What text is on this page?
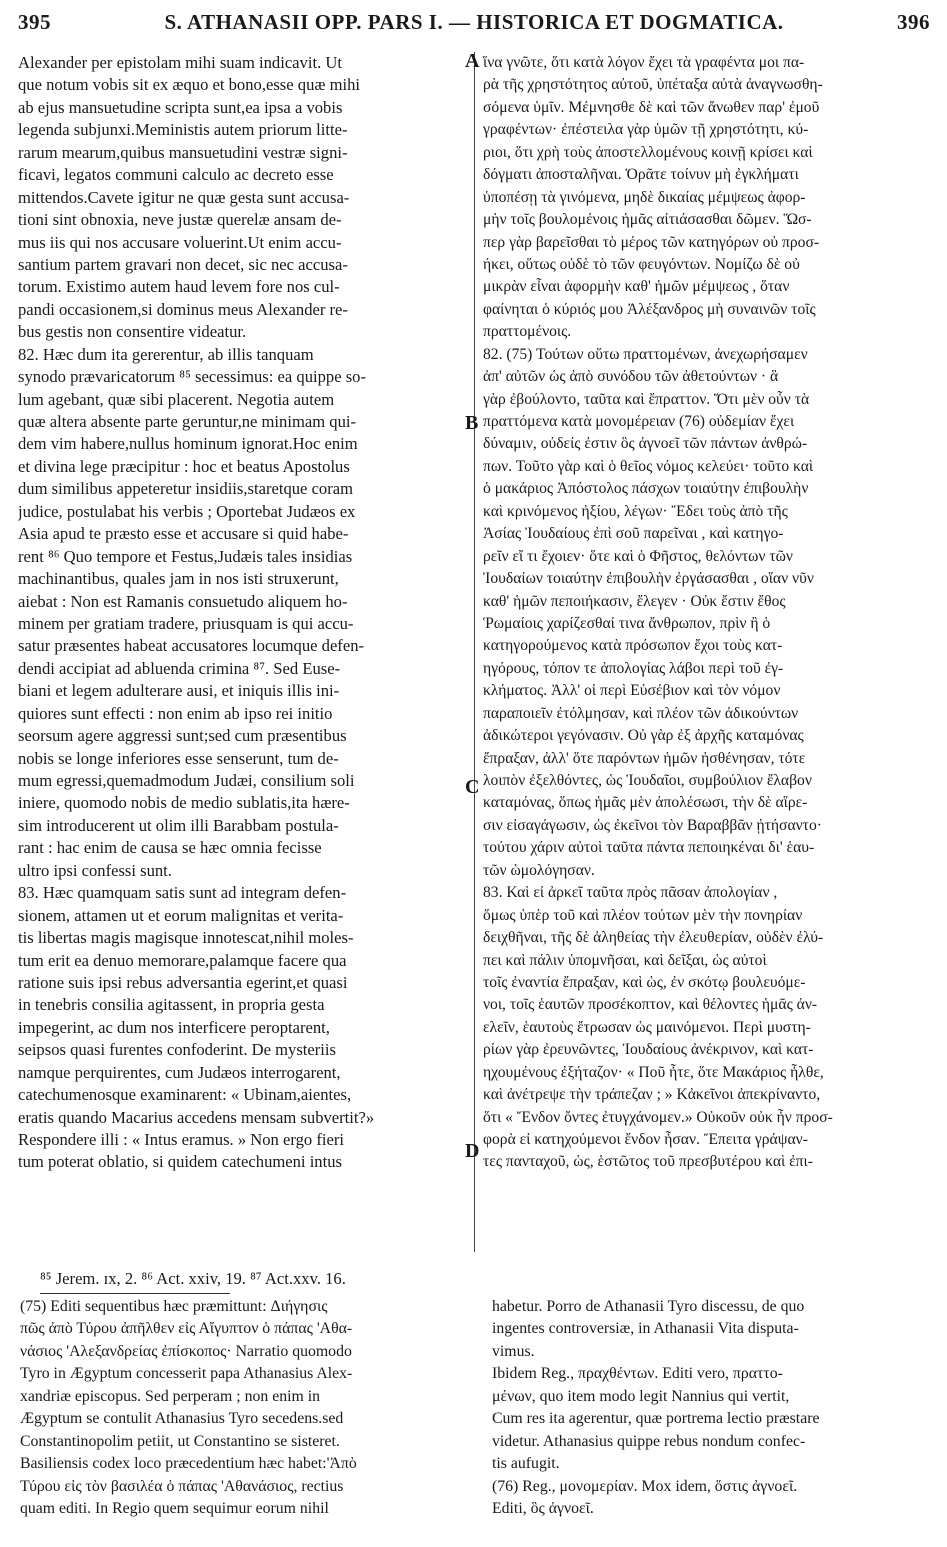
395	S. ATHANASII OPP. PARS I. — HISTORICA ET DOGMATICA.	396
Alexander per epistolam mihi suam indicavit. Ut
que notum vobis sit ex æquo et bono,esse quæ mihi
ab ejus mansuetudine scripta sunt,ea ipsa a vobis
legenda subjunxi.Meministis autem priorum litte-
rarum mearum,quibus mansuetudini vestræ signi-
ficavi, legatos communi calculo ac decreto esse
mittendos.Cavete igitur ne quæ gesta sunt accusa-
tioni sint obnoxia, neve justæ querelæ ansam de-
mus iis qui nos accusare voluerint.Ut enim accu-
santium partem gravari non decet, sic nec accusa-
torum. Existimo autem haud levem fore nos cul-
pandi occasionem,si dominus meus Alexander re-
bus gestis non consentire videatur.
82. Hæc dum ita gererentur, ab illis tanquam
synodo prævaricatorum ⁸⁵ secessimus: ea quippe so-
lum agebant, quæ sibi placerent. Negotia autem
quæ altera absente parte geruntur,ne minimam qui-
dem vim habere,nullus hominum ignorat.Hoc enim
et divina lege præcipitur : hoc et beatus Apostolus
dum similibus appeteretur insidiis,staretque coram
judice, postulabat his verbis ; Oportebat Judæos ex
Asia apud te præsto esse et accusare si quid habe-
rent ⁸⁶ Quo tempore et Festus,Judæis tales insidias
machinantibus, quales jam in nos isti struxerunt,
aiebat : Non est Ramanis consuetudo aliquem ho-
minem per gratiam tradere, priusquam is qui accu-
satur præsentes habeat accusatores locumque defen-
dendi accipiat ad abluenda crimina ⁸⁷. Sed Euse-
biani et legem adulterare ausi, et iniquis illis ini-
quiores sunt effecti : non enim ab ipso rei initio
seorsum agere aggressi sunt;sed cum præsentibus
nobis se longe inferiores esse senserunt, tum de-
mum egressi,quemadmodum Judæi, consilium soli
iniere, quomodo nobis de medio sublatis,ita hære-
sim introducerent ut olim illi Barabbam postula-
rant : hac enim de causa se hæc omnia fecisse
ultro ipsi confessi sunt.
83. Hæc quamquam satis sunt ad integram defen-
sionem, attamen ut et eorum malignitas et verita-
tis libertas magis magisque innotescat,nihil moles-
tum erit ea denuo memorare,palamque facere qua
ratione suis ipsi rebus adversantia egerint,et quasi
in tenebris consilia agitassent, in propria gesta
impegerint, ac dum nos interficere peroptarent,
seipsos quasi furentes confoderint. De mysteriis
namque perquirentes, cum Judæos interrogarent,
catechumenosque examinarent: « Ubinam,aientes,
eratis quando Macarius accedens mensam subvertit?»
Respondere illi : « Intus eramus. » Non ergo fieri
tum poterat oblatio, si quidem catechumeni intus
ἵνα γνῶτε, ὅτι κατὰ λόγον ἔχει τὰ γραφέντα μοι πα-
ρὰ τῆς χρηστότητος αὐτοῦ, ὑπέταξα αὐτὰ ἀναγνωσθη-
σόμενα ὑμῖν. Μέμνησθε δὲ καὶ τῶν ἄνωθεν παρ' ἐμοῦ
γραφέντων· ἐπέστειλα γὰρ ὑμῶν τῇ χρηστότητι, κύ-
ριοι, ὅτι χρὴ τοὺς ἀποστελλομένους κοινῇ κρίσει καὶ
δόγματι ἀποσταλῆναι. Ὁρᾶτε τοίνυν μὴ ἐγκλήματι
ὑποπέσῃ τὰ γινόμενα, μηδὲ δικαίας μέμψεως ἀφορ-
μὴν τοῖς βουλομένοις ἡμᾶς αἰτιάσασθαι δῶμεν. Ὥσ-
περ γὰρ βαρεῖσθαι τὸ μέρος τῶν κατηγόρων οὐ προσ-
ήκει, οὕτως οὐδὲ τὸ τῶν φευγόντων. Νομίζω δὲ οὐ
μικρὰν εἶναι ἀφορμὴν καθ' ἡμῶν μέμψεως , ὅταν
φαίνηται ὁ κύριός μου Ἀλέξανδρος μὴ συναινῶν τοῖς
πραττομένοις.
82. (75) Τούτων οὕτω πραττομένων, ἀνεχωρήσαμεν
ἀπ' αὐτῶν ὡς ἀπὸ συνόδου τῶν ἀθετούντων · ἃ
γὰρ ἐβούλοντο, ταῦτα καὶ ἔπραττον. Ὅτι μὲν οὖν τὰ
πραττόμενα κατὰ μονομέρειαν (76) οὐδεμίαν ἔχει
δύναμιν, οὐδείς ἐστιν ὃς ἀγνοεῖ τῶν πάντων ἀνθρώ-
πων. Τοῦτο γὰρ καὶ ὁ θεῖος νόμος κελεύει· τοῦτο καὶ
ὁ μακάριος Ἀπόστολος πάσχων τοιαύτην ἐπιβουλὴν
καὶ κρινόμενος ἠξίου, λέγων· Ἔδει τοὺς ἀπὸ τῆς
Ἀσίας Ἰουδαίους ἐπὶ σοῦ παρεῖναι , καὶ κατηγο-
ρεῖν εἴ τι ἔχοιεν· ὅτε καὶ ὁ Φῆστος, θελόντων τῶν
Ἰουδαίων τοιαύτην ἐπιβουλὴν ἐργάσασθαι , οἵαν νῦν
καθ' ἡμῶν πεποιήκασιν, ἔλεγεν · Οὐκ ἔστιν ἔθος
Ῥωμαίοις χαρίζεσθαί τινα ἄνθρωπον, πρὶν ἢ ὁ
κατηγορούμενος κατὰ πρόσωπον ἔχοι τοὺς κατ-
ηγόρους, τόπον τε ἀπολογίας λάβοι περὶ τοῦ ἐγ-
κλήματος. Ἀλλ' οἱ περὶ Εὐσέβιον καὶ τὸν νόμον
παραποιεῖν ἐτόλμησαν, καὶ πλέον τῶν ἀδικούντων
ἀδικώτεροι γεγόνασιν. Οὐ γὰρ ἐξ ἀρχῆς καταμόνας
ἔπραξαν, ἀλλ' ὅτε παρόντων ἡμῶν ἠσθένησαν, τότε
λοιπὸν ἐξελθόντες, ὡς Ἰουδαῖοι, συμβούλιον ἔλαβον
καταμόνας, ὅπως ἡμᾶς μὲν ἀπολέσωσι, τὴν δὲ αἵρε-
σιν εἰσαγάγωσιν, ὡς ἐκεῖνοι τὸν Βαραββᾶν ᾐτήσαντο·
τούτου χάριν αὐτοὶ ταῦτα πάντα πεποιηκέναι δι' ἑαυ-
τῶν ὡμολόγησαν.
83. Καὶ εἰ ἀρκεῖ ταῦτα πρὸς πᾶσαν ἀπολογίαν ,
ὅμως ὑπὲρ τοῦ καὶ πλέον τούτων μὲν τὴν πονηρίαν
δειχθῆναι, τῆς δὲ ἀληθείας τὴν ἐλευθερίαν, οὐδὲν ἐλύ-
πει καὶ πάλιν ὑπομνῆσαι, καὶ δεῖξαι, ὡς αὐτοὶ
τοῖς ἐναντία ἔπραξαν, καὶ ὡς, ἐν σκότῳ βουλευόμε-
νοι, τοῖς ἑαυτῶν προσέκοπτον, καὶ θέλοντες ἡμᾶς ἀν-
ελεῖν, ἑαυτοὺς ἔτρωσαν ὡς μαινόμενοι. Περὶ μυστη-
ρίων γὰρ ἐρευνῶντες, Ἰουδαίους ἀνέκρινον, καὶ κατ-
ηχουμένους ἐξήταζον· « Ποῦ ἦτε, ὅτε Μακάριος ἦλθε,
καὶ ἀνέτρεψε τὴν τράπεζαν ; » Κἀκεῖνοι ἀπεκρίναντο,
ὅτι « Ἔνδον ὄντες ἐτυγχάνομεν.» Οὐκοῦν οὐκ ἦν προσ-
φορὰ εἰ κατηχούμενοι ἔνδον ἦσαν. Ἔπειτα γράψαν-
τες πανταχοῦ, ὡς, ἑστῶτος τοῦ πρεσβυτέρου καὶ ἐπι-
A
B
C
D
⁸⁵ Jerem. ɪx, 2. ⁸⁶ Act. xxiv, 19. ⁸⁷ Act.xxv. 16.
(75) Editi sequentibus hæc præmittunt: Διήγησις
πῶς ἀπὸ Τύρου ἀπῆλθεν εἰς Αἴγυπτον ὁ πάπας 'Αθα-
νάσιος 'Αλεξανδρείας ἐπίσκοπος· Narratio quomodo
Tyro in Ægyptum concesserit papa Athanasius Alex-
xandriæ episcopus. Sed perperam ; non enim in
Ægyptum se contulit Athanasius Tyro secedens.sed
Constantinopolim petiit, ut Constantino se sisteret.
Basiliensis codex loco præcedentium hæc habet:'Ἀπὸ
Τύρου εἰς τὸν βασιλέα ὁ πάπας 'Αθανάσιος, rectius
quam editi. In Regio quem sequimur eorum nihil
habetur. Porro de Athanasii Tyro discessu, de quo
ingentes controversiæ, in Athanasii Vita disputa-
vimus.
Ibidem Reg., πραχθέντων. Editi vero, πραττο-
μένων, quo item modo legit Nannius qui vertit,
Cum res ita agerentur, quæ portrema lectio præstare
videtur. Athanasius quippe rebus nondum confec-
tis aufugit.
(76) Reg., μονομερίαν. Mox idem, ὅστις ἀγνοεῖ.
Editi, ὃς ἀγνοεῖ.
